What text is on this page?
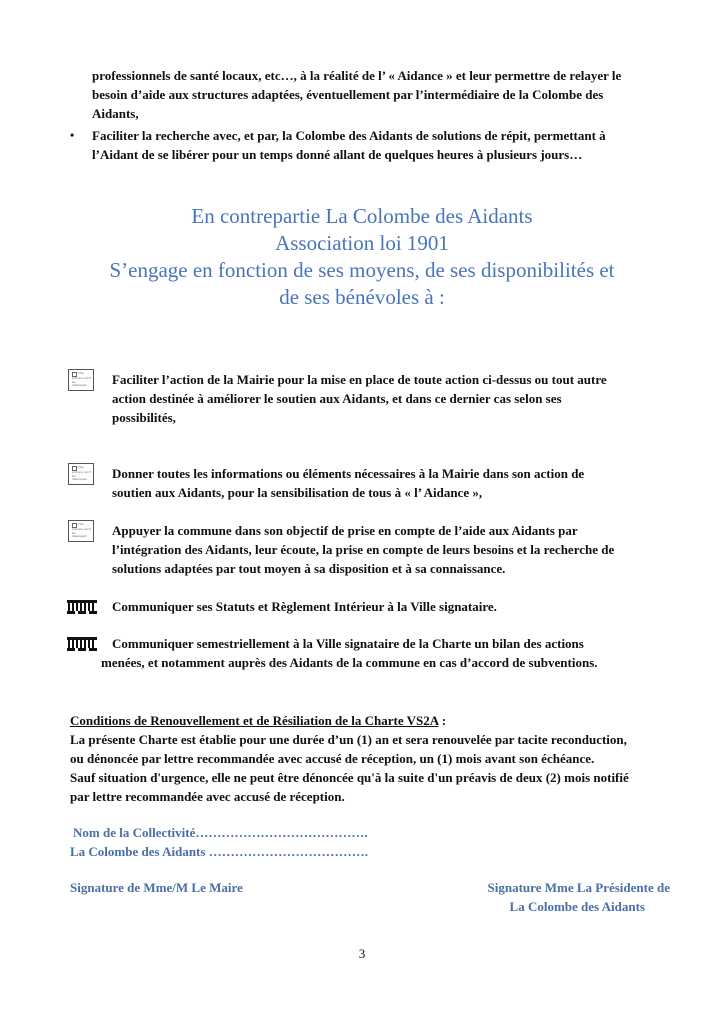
professionnels de santé locaux, etc…, à la réalité de l’ « Aidance » et leur permettre de relayer le
besoin d’aide aux structures adaptées, éventuellement par l’intermédiaire de la Colombe des
Aidants,
• Faciliter la recherche avec, et par, la Colombe des Aidants de solutions de répit, permettant à
l’Aidant de se libérer pour un temps donné allant de quelques heures à plusieurs jours…
En contrepartie La Colombe des Aidants
Association loi 1901
S’engage en fonction de ses moyens, de ses disponibilités et
de ses bénévoles à :
The picture can't be displayed.	Faciliter l’action de la Mairie pour la mise en place de toute action ci-dessus ou tout autre
action destinée à améliorer le soutien aux Aidants, et dans ce dernier cas selon ses
possibilités,
The picture can't be displayed.	Donner toutes les informations ou éléments nécessaires à la Mairie dans son action de
soutien aux Aidants, pour la sensibilisation de tous à « l’ Aidance »,
The picture can't be displayed.	Appuyer la commune dans son objectif de prise en compte de l’aide aux Aidants par
l’intégration des Aidants, leur écoute, la prise en compte de leurs besoins et la recherche de
solutions adaptées par tout moyen à sa disposition et à sa connaissance.
Communiquer ses Statuts et Règlement Intérieur à la Ville signataire.
Communiquer semestriellement à la Ville signataire de la Charte un bilan des actions
menées, et notamment auprès des Aidants de la commune en cas d’accord de subventions.
Conditions de Renouvellement et de Résiliation de la Charte VS2A :
La présente Charte est établie pour une durée d’un (1) an et sera renouvelée par tacite reconduction,
ou dénoncée par lettre recommandée avec accusé de réception, un (1) mois avant son échéance.
Sauf situation d'urgence, elle ne peut être dénoncée qu'à la suite d'un préavis de deux (2) mois notifié
par lettre recommandée avec accusé de réception.
Nom de la Collectivité………………………………….
La Colombe des Aidants ……………………………….
Signature de Mme/M Le Maire	Signature Mme La Présidente de
La Colombe des Aidants
3
